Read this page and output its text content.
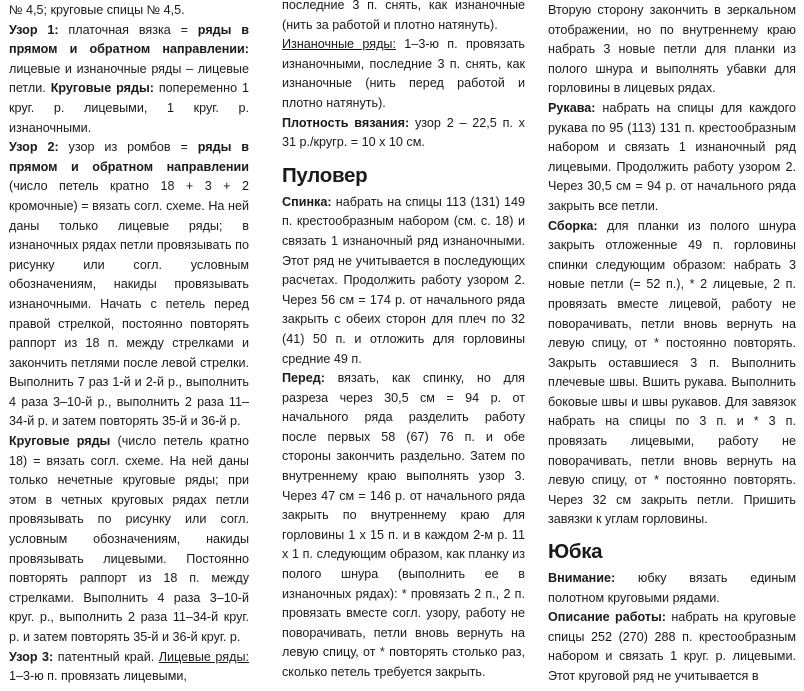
№ 4,5; круговые спицы № 4,5.

Узор 1: платочная вязка = ряды в прямом и обратном направлении: лицевые и изнаночные ряды – лицевые петли. Круговые ряды: попеременно 1 круг. р. лицевыми, 1 круг. р. изнаночными.

Узор 2: узор из ромбов = ряды в прямом и обратном направлении (число петель кратно 18 + 3 + 2 кромочные) = вязать согл. схеме. На ней даны только лицевые ряды; в изнаночных рядах петли провязывать по рисунку или согл. условным обозначениям, накиды провязывать изнаночными. Начать с петель перед правой стрелкой, постоянно повторять раппорт из 18 п. между стрелками и закончить петлями после левой стрелки. Выполнить 7 раз 1-й и 2-й р., выполнить 4 раза 3–10-й р., выполнить 2 раза 11–34-й р. и затем повторять 35-й и 36-й р.

Круговые ряды (число петель кратно 18) = вязать согл. схеме. На ней даны только нечетные круговые ряды; при этом в четных круговых рядах петли провязывать по рисунку или согл. условным обозначениям, накиды провязывать лицевыми. Постоянно повторять раппорт из 18 п. между стрелками. Выполнить 4 раза 3–10-й круг. р., выполнить 2 раза 11–34-й круг. р. и затем повторять 35-й и 36-й круг. р.

Узор 3: патентный край. Лицевые ряды: 1–3-ю п. провязать лицевыми,

последние 3 п. снять, как изнаночные (нить за работой и плотно натянуть).

Изнаночные ряды: 1–3-ю п. провязать изнаночными, последние 3 п. снять, как изнаночные (нить перед работой и плотно натянуть).

Плотность вязания: узор 2 – 22,5 п. x 31 р./кругр. = 10 x 10 см.

Пуловер

Спинка: набрать на спицы 113 (131) 149 п. крестообразным набором (см. с. 18) и связать 1 изнаночный ряд изнаночными. Этот ряд не учитывается в последующих расчетах. Продолжить работу узором 2. Через 56 см = 174 р. от начального ряда закрыть с обеих сторон для плеч по 32 (41) 50 п. и отложить для горловины средние 49 п.

Перед: вязать, как спинку, но для разреза через 30,5 см = 94 р. от начального ряда разделить работу после первых 58 (67) 76 п. и обе стороны закончить раздельно. Затем по внутреннему краю выполнять узор 3. Через 47 см = 146 р. от начального ряда закрыть по внутреннему краю для горловины 1 x 15 п. и в каждом 2-м р. 11 x 1 п. следующим образом, как планку из полого шнура (выполнить ее в изнаночных рядах): * провязать 2 п., 2 п. провязать вместе согл. узору, работу не поворачивать, петли вновь вернуть на левую спицу, от * повторять столько раз, сколько петель требуется закрыть.

Вторую сторону закончить в зеркальном отображении, но по внутреннему краю набрать 3 новые петли для планки из полого шнура и выполнять убавки для горловины в лицевых рядах.

Рукава: набрать на спицы для каждого рукава по 95 (113) 131 п. крестообразным набором и связать 1 изнаночный ряд лицевыми. Продолжить работу узором 2. Через 30,5 см = 94 р. от начального ряда закрыть все петли.

Сборка: для планки из полого шнура закрыть отложенные 49 п. горловины спинки следующим образом: набрать 3 новые петли (= 52 п.), * 2 лицевые, 2 п. провязать вместе лицевой, работу не поворачивать, петли вновь вернуть на левую спицу, от * постоянно повторять. Закрыть оставшиеся 3 п. Выполнить плечевые швы. Вшить рукава. Выполнить боковые швы и швы рукавов. Для завязок набрать на спицы по 3 п. и * 3 п. провязать лицевыми, работу не поворачивать, петли вновь вернуть на левую спицу, от * постоянно повторять. Через 32 см закрыть петли. Пришить завязки к углам горловины.

Юбка

Внимание: юбку вязать единым полотном круговыми рядами.

Описание работы: набрать на круговые спицы 252 (270) 288 п. крестообразным набором и связать 1 круг. р. лицевыми. Этот круговой ряд не учитывается в
